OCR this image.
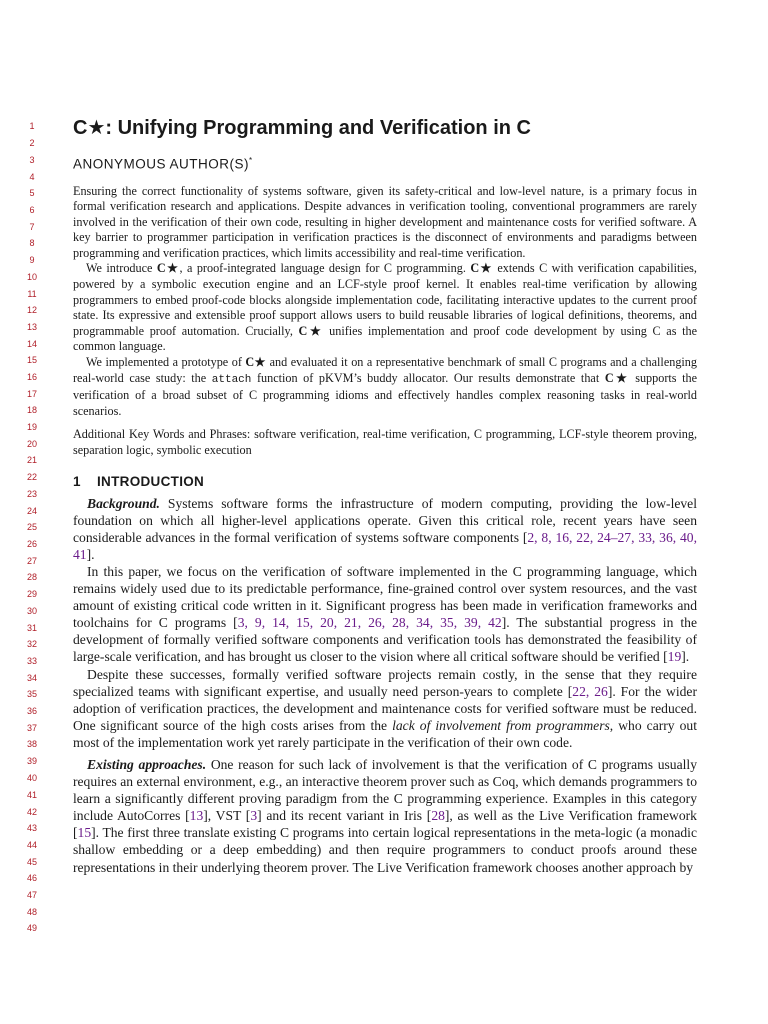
1
2
3
4
5
6
7
8
9
10
11
12
13
14
15
16
17
18
19
20
21
22
23
24
25
26
27
28
29
30
31
32
33
34
35
36
37
38
39
40
41
42
43
44
45
46
47
48
49
C★: Unifying Programming and Verification in C
ANONYMOUS AUTHOR(S)*

Ensuring the correct functionality of systems software, given its safety-critical and low-level nature, is a primary focus in formal verification research and applications. Despite advances in verification tooling, conventional programmers are rarely involved in the verification of their own code, resulting in higher development and maintenance costs for verified software. A key barrier to programmer participation in verification practices is the disconnect of environments and paradigms between programming and verification practices, which limits accessibility and real-time verification.

We introduce C★, a proof-integrated language design for C programming. C★ extends C with verification capabilities, powered by a symbolic execution engine and an LCF-style proof kernel. It enables real-time verification by allowing programmers to embed proof-code blocks alongside implementation code, facilitating interactive updates to the current proof state. Its expressive and extensible proof support allows users to build reusable libraries of logical definitions, theorems, and programmable proof automation. Crucially, C★ unifies implementation and proof code development by using C as the common language.

We implemented a prototype of C★ and evaluated it on a representative benchmark of small C programs and a challenging real-world case study: the attach function of pKVM’s buddy allocator. Our results demonstrate that C★ supports the verification of a broad subset of C programming idioms and effectively handles complex reasoning tasks in real-world scenarios.

Additional Key Words and Phrases: software verification, real-time verification, C programming, LCF-style theorem proving, separation logic, symbolic execution
1 INTRODUCTION

Background. Systems software forms the infrastructure of modern computing, providing the low-level foundation on which all higher-level applications operate. Given this critical role, recent years have seen considerable advances in the formal verification of systems software components [2, 8, 16, 22, 24–27, 33, 36, 40, 41].

In this paper, we focus on the verification of software implemented in the C programming language, which remains widely used due to its predictable performance, fine-grained control over system resources, and the vast amount of existing critical code written in it. Significant progress has been made in verification frameworks and toolchains for C programs [3, 9, 14, 15, 20, 21, 26, 28, 34, 35, 39, 42]. The substantial progress in the development of formally verified software components and verification tools has demonstrated the feasibility of large-scale verification, and has brought us closer to the vision where all critical software should be verified [19].

Despite these successes, formally verified software projects remain costly, in the sense that they require specialized teams with significant expertise, and usually need person-years to complete [22, 26]. For the wider adoption of verification practices, the development and maintenance costs for verified software must be reduced. One significant source of the high costs arises from the lack of involvement from programmers, who carry out most of the implementation work yet rarely participate in the verification of their own code.

Existing approaches. One reason for such lack of involvement is that the verification of C programs usually requires an external environment, e.g., an interactive theorem prover such as Coq, which demands programmers to learn a significantly different proving paradigm from the C programming experience. Examples in this category include AutoCorres [13], VST [3] and its recent variant in Iris [28], as well as the Live Verification framework [15]. The first three translate existing C programs into certain logical representations in the meta-logic (a monadic shallow embedding or a deep embedding) and then require programmers to conduct proofs around these representations in their underlying theorem prover. The Live Verification framework chooses another approach by
